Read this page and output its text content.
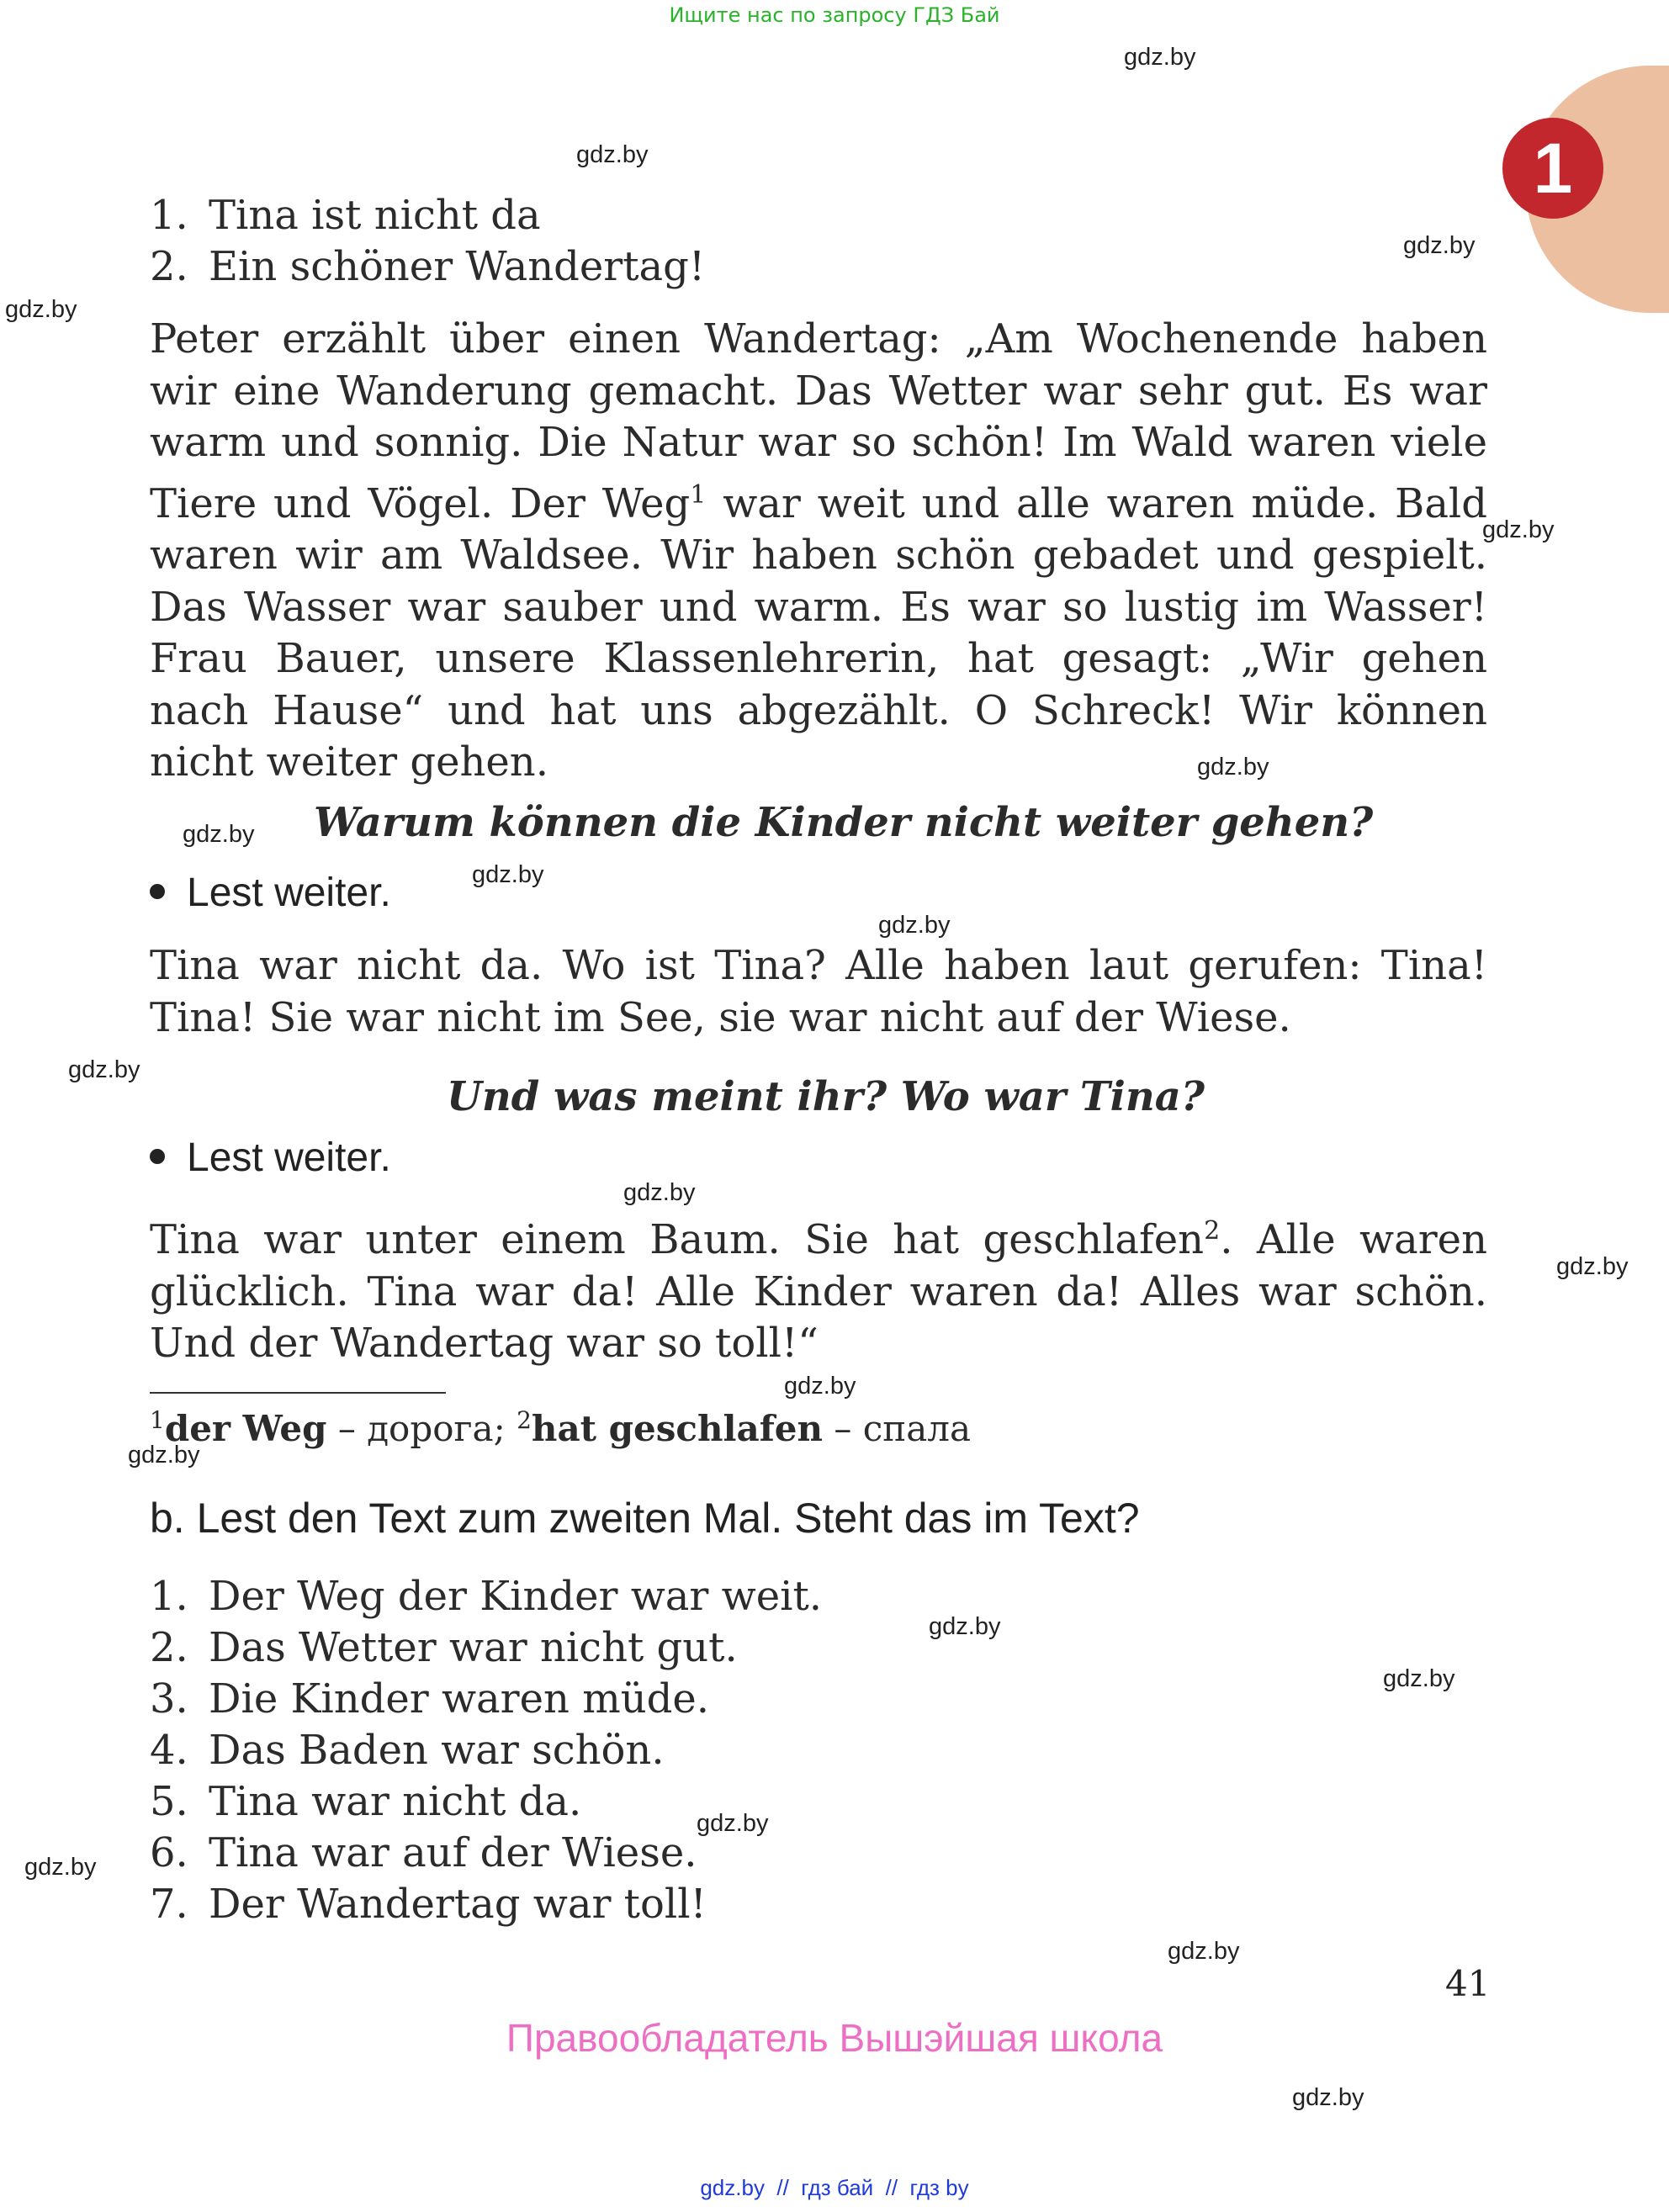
Ищите нас по запросу ГДЗ Бай
1
gdz.by
gdz.by
gdz.by
gdz.by
gdz.by
gdz.by
gdz.by
gdz.by
gdz.by
gdz.by
gdz.by
gdz.by
gdz.by
gdz.by
gdz.by
gdz.by
gdz.by
gdz.by
gdz.by
gdz.by
1. Tina ist nicht da
2. Ein schöner Wandertag!
Peter erzählt über einen Wandertag: „Am Wochenende haben
wir eine Wanderung gemacht. Das Wetter war sehr gut. Es war
warm und sonnig. Die Natur war so schön! Im Wald waren viele
Tiere und Vögel. Der Weg$^1$ war weit und alle waren müde. Bald
waren wir am Waldsee. Wir haben schön gebadet und gespielt.
Das Wasser war sauber und warm. Es war so lustig im Wasser!
Frau Bauer, unsere Klassenlehrerin, hat gesagt: „Wir gehen
nach Hause“ und hat uns abgezählt. O Schreck! Wir können
nicht weiter gehen.
Warum können die Kinder nicht weiter gehen?
Lest weiter.
Tina war nicht da. Wo ist Tina? Alle haben laut gerufen: Tina!
Tina! Sie war nicht im See, sie war nicht auf der Wiese.
Und was meint ihr? Wo war Tina?
Lest weiter.
Tina war unter einem Baum. Sie hat geschlafen$^2$. Alle waren
glücklich. Tina war da! Alle Kinder waren da! Alles war schön.
Und der Wandertag war so toll!“
$^1$der Weg – дорога; $^2$hat geschlafen – спала
b. Lest den Text zum zweiten Mal. Steht das im Text?
1. Der Weg der Kinder war weit.
2. Das Wetter war nicht gut.
3. Die Kinder waren müde.
4. Das Baden war schön.
5. Tina war nicht da.
6. Tina war auf der Wiese.
7. Der Wandertag war toll!
41
Правообладатель Вышэйшая школа
gdz.by  //  гдз бай  //  гдз by
